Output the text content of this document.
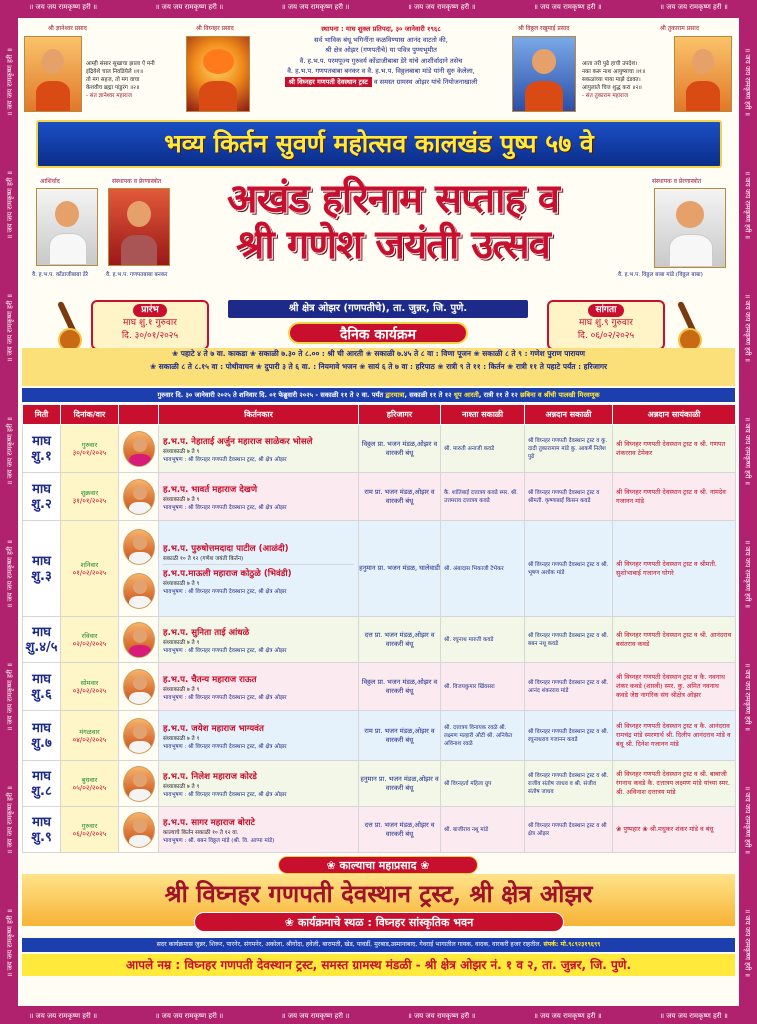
॥ जय जय रामकृष्ण हरी ॥	॥ जय जय रामकृष्ण हरी ॥	॥ जय जय रामकृष्ण हरी ॥	॥ जय जय रामकृष्ण हरी ॥	॥ जय जय रामकृष्ण हरी ॥	॥ जय जय रामकृष्ण हरी ॥
॥ जय जय रामकृष्ण हरी ॥	॥ जय जय रामकृष्ण हरी ॥	॥ जय जय रामकृष्ण हरी ॥	॥ जय जय रामकृष्ण हरी ॥	॥ जय जय रामकृष्ण हरी ॥	॥ जय जय रामकृष्ण हरी ॥
॥ जय जय रामकृष्ण हरी ॥
॥ जय जय रामकृष्ण हरी ॥
॥ जय जय रामकृष्ण हरी ॥
॥ जय जय रामकृष्ण हरी ॥
॥ जय जय रामकृष्ण हरी ॥
॥ जय जय रामकृष्ण हरी ॥
॥ जय जय रामकृष्ण हरी ॥
॥ जय जय रामकृष्ण हरी ॥
॥ जय जय रामकृष्ण हरी ॥
॥ जय जय रामकृष्ण हरी ॥
॥ जय जय रामकृष्ण हरी ॥
॥ जय जय रामकृष्ण हरी ॥
॥ जय जय रामकृष्ण हरी ॥
॥ जय जय रामकृष्ण हरी ॥
॥ जय जय रामकृष्ण हरी ॥
॥ जय जय रामकृष्ण हरी ॥
श्री ज्ञानेश्वर प्रसाद
आम्ही संसार सुखाचा झाला ऐ मनी
इंद्रियेशे चाल निवडियेले ॥१॥
तो मग सहज, तो मग वाचा
केशवीच ब्रह्मा पांडुरंग ॥२॥
- संत ज्ञानेश्वर महाराज
श्री विघ्नहर प्रसाद	स्थापना : माघ शुक्ल प्रतिपदा, ३० जानेवारी १९६८
सर्व भाविक बंधू भगिनींना कळविण्यास आनंद वाटतो की,
श्री क्षेत्र ओझर (गणपतीचे) या पवित्र पुण्यभूमीत
वै. ह.भ.प. परमपूज्य गुरुवर्य कोंडाजीबाबा डेरे यांचे आशीर्वादाने तसेच
वै. ह.भ.प. गणपतबाबा बनकर व वै. ह.भ.प. विठ्ठलबाबा मांडे यांनी सुरु केलेला,
श्री विघ्नहर गणपती देवस्थान ट्रस्ट व समस्त ग्रामस्थ ओझर यांचे नियोजनाखाली
श्री विठ्ठल रखुमाई प्रसाद
आता तरी पुढे हाची उपदेश।
नका करू नाश आयुष्याचा ॥१॥
सकळांच्या पाया माझे दंडवत।
आपुलाले चित्त शुद्ध करा ॥२॥
- संत तुकाराम महाराज
श्री तुकाराम प्रसाद
भव्य किर्तन सुवर्ण महोत्सव कालखंड पुष्प ५७ वे
आशिर्वाद	संस्थापक व प्रेरणास्त्रोत
वै. ह.भ.प. कोंडाजीबाबा डेरे	वै. ह.भ.प. गणपतबाबा बनकर
अखंड हरिनाम सप्ताह व
श्री गणेश जयंती उत्सव
संस्थापक व प्रेरणास्त्रोत
वै. ह.भ.प. विठ्ठल बाबा मांडे (विठ्ठल बाबा)
प्रारंभ
माघ शु.१ गुरुवार
दि. ३०/०१/२०२५
श्री क्षेत्र ओझर (गणपतीचे), ता. जुन्नर, जि. पुणे.
दैनिक कार्यक्रम
सांगता
माघ शु.९ गुरुवार
दि. ०६/०२/२०२५
❀ पहाटे ४ ते ७ वा. काकडा ❀ सकाळी ७.३० ते ८.०० : श्री ची आरती ❀ सकाळी ७.४५ ते ८ वा : विणा पूजन ❀ सकाळी ८ ते ९ : गणेश पुराण पारायण
❀ सकाळी ८ ते ८.१५ वा : पोथीवाचन ❀ दुपारी ३ ते ६ वा. : नियमावे भजन ❀ सायं ६ ते ७ वा : हरिपाठ ❀ रात्री ९ ते ११ : किर्तन ❀ रात्री ११ ते पहाटे पर्यंत : हरिजागर
गुरुवार दि. ३० जानेवारी २०२५ ते शनिवार दि. ०१ फेब्रुवारी २०२५ - सकाळी ११ ते २ वा. पर्यंत द्वारयात्रा, सकाळी ११ ते १२ धूप आरती, रात्री ११ ते १२ छबिना व श्रींची पालखी मिरवणूक
मिती	दिनांक/वार		किर्तनकार	हरिजागर	नाश्ता सकाळी	अन्नदान सकाळी	अन्नदान सायंकाळी
माघ शु.१	गुरुवार
३०/०१/२०२५		ह.भ.प. नेहाताई अर्जुन महाराज साळेकर भोसले
संध्याकाळी ७ ते ९
भावभूषण : श्री विघ्नहर गणपती देवस्थान ट्रस्ट, श्री क्षेत्र ओझर	विठ्ठल प्रा. भजन मंडळ,ओझर व वारकरी बंधू	श्री. मारुती अनाजी कवडे	श्री विघ्नहर गणपती देवस्थान ट्रस्ट व कु. दादी तुकारामाम मांडे कु. आकर्षे निलेश पुढे	श्री विघ्नहर गणपती देवस्थान ट्रस्ट व श्री. गणपत शंकरराव टेमेकर
माघ शु.२	शुक्रवार
३१/०१/२०२५		ह.भ.प. भावर्त महाराज देखणे
संध्याकाळी ७ ते ९
भावभूषण : श्री विघ्नहर गणपती देवस्थान ट्रस्ट, श्री क्षेत्र ओझर	राम प्रा. भजन मंडळ,ओझर व वारकरी बंधू	कै. शांतिबाई दत्तात्रय कवडे स्मर. श्री. उत्तमराव दत्तात्रय कवडे	श्री विघ्नहर गणपती देवस्थान ट्रस्ट व श्रीमती. कृष्णाबाई किसन कवडे	श्री विघ्नहर गणपती देवस्थान ट्रस्ट व श्री. नामदेव गजानन मांडे
माघ शु.३	शनिवार
०१/०२/२०२५		ह.भ.प. पुरुषोत्तमदादा पाटील (आळंदी)
सकाळी १० ते १२ (गणेश जयंती किर्तन)
ह.भ.प.माऊली महाराज कोठुळे (भिवंडी)
संध्याकाळी ७ ते ९
भावभूषण : श्री विघ्नहर गणपती देवस्थान ट्रस्ट, श्री क्षेत्र ओझर	हनुमान प्रा. भजन मंडळ, घालेवाडी	श्री. अंबादास भिकाजी टेभेकर	श्री विघ्नहर गणपती देवस्थान ट्रस्ट व श्री. भूषण अशोक मांडे	श्री विघ्नहर गणपती देवस्थान ट्रस्ट व श्रीमती. सुशोभाबाई गजानन घोगरे
माघ शु.४/५	रविवार
०२/०२/२०२५		ह.भ.प. सुनिता ताई आंधळे
संध्याकाळी ७ ते ९
भावभूषण : श्री विघ्नहर गणपती देवस्थान ट्रस्ट, श्री क्षेत्र ओझर	दत्त प्रा. भजन मंडळ,ओझर व वारकरी बंधू	श्री. रघुनाथ मारुती कवडे	श्री विघ्नहर गणपती देवस्थान ट्रस्ट व श्री. बबन नथू कवडे	श्री विघ्नहर गणपती देवस्थान ट्रस्ट व श्री. आनंदराव बसंतराव कवडे
माघ शु.६	सोमवार
०३/०२/२०२५		ह.भ.प. चैतन्य महाराज राऊत
संध्याकाळी ७ ते ९
भावभूषण : श्री विघ्नहर गणपती देवस्थान ट्रस्ट, श्री क्षेत्र ओझर	विठ्ठल प्रा. भजन मंडळ,ओझर व वारकरी बंधू	श्री. विजयकुमार खिंवसरा	श्री विघ्नहर गणपती देवस्थान ट्रस्ट व श्री. आनंद शंकरराव मांडे	श्री विघ्नहर गणपती देवस्थान ट्रस्ट व कै. नवनाथ शंकर कवडे (शास्त्री) स्मर. कु. अमित नवनाथ कवडे जेष्ठ नागरिक संघ श्रीक्षेत्र ओझर
माघ शु.७	मंगळवार
०४/०२/२०२५		ह.भ.प. जयेश महाराज भाग्यवंत
संध्याकाळी ७ ते ९
भावभूषण : श्री विघ्नहर गणपती देवस्थान ट्रस्ट, श्री क्षेत्र ओझर	राम प्रा. भजन मंडळ,ओझर व वारकरी बंधू	श्री. दत्तात्रय विनायक रवळे श्री. लक्ष्मण मल्हारी औटी श्री. अनिकेत अविनाश रवळे	श्री विघ्नहर गणपती देवस्थान ट्रस्ट व श्री. रघुनाथराव गजानन कवडे	श्री विघ्नहर गणपती देवस्थान ट्रस्ट व कै. आनंदराव रामचंद्र मांडे स्मरणार्थ श्री. दिलीप आनंदराव मांडे व बंधू श्री. दिनेश गजानन मांडे
माघ शु.८	बुधवार
०५/०२/२०२५		ह.भ.प. निलेश महाराज कोरडे
संध्याकाळी ७ ते ९
भावभूषण : श्री विघ्नहर गणपती देवस्थान ट्रस्ट, श्री क्षेत्र ओझर	हनुमान प्रा. भजन मंडळ,ओझर व वारकरी बंधू	श्री विघ्नहर्ता महिला ग्रुप	श्री विघ्नहर गणपती देवस्थान ट्रस्ट व श्री. राजीव संतोष जाधव व श्री. संजीव संतोष जाधव	श्री विघ्नहर गणपती देवस्थान ट्रस्ट व श्री. बाबाजी रंगनाथ कवडे कै. दत्तात्रय लक्ष्मण मांडे यांच्या स्मर. श्री. अविनाश दत्तात्रय मांडे
माघ शु.९	गुरुवार
०६/०२/२०२५		ह.भ.प. सागर महाराज बोराटे
काल्याचे किर्तन सकाळी १० ते १२ वा.
भावभूषण : श्री. बबन विठ्ठल मांडे (श्री. वि. आप्पा मांडे)	दत्त प्रा. भजन मंडळ,ओझर व वारकरी बंधू	श्री. बाजीराव नथू मांडे	श्री विघ्नहर गणपती देवस्थान ट्रस्ट व श्री क्षेत्र ओझर	❀ पुष्पहार ❀ श्री.मधुकर शंकर मांडे व बंधू
श्री विघ्नहर गणपती देवस्थान ट्रस्ट, श्री क्षेत्र ओझर
❀ काल्याचा महाप्रसाद ❀
❀ कार्यक्रमाचे स्थळ : विघ्नहर सांस्कृतिक भवन
सदर कार्यक्रमास जुन्नर, शिरूर, पारनेर, संगमनेर, अकोला, श्रीगोंदा, हवेली, बारामती, खेड, पावर्डी, मुरबाड,उस्मानाबाद, गेवराई भागातील गायक, वादक, वारकरी हजर राहतील. संपर्क: मो.९८९२३१९६९९
आपले नम्र : विघ्नहर गणपती देवस्थान ट्रस्ट, समस्त ग्रामस्थ मंडळी - श्री क्षेत्र ओझर नं. १ व २, ता. जुन्नर, जि. पुणे.
